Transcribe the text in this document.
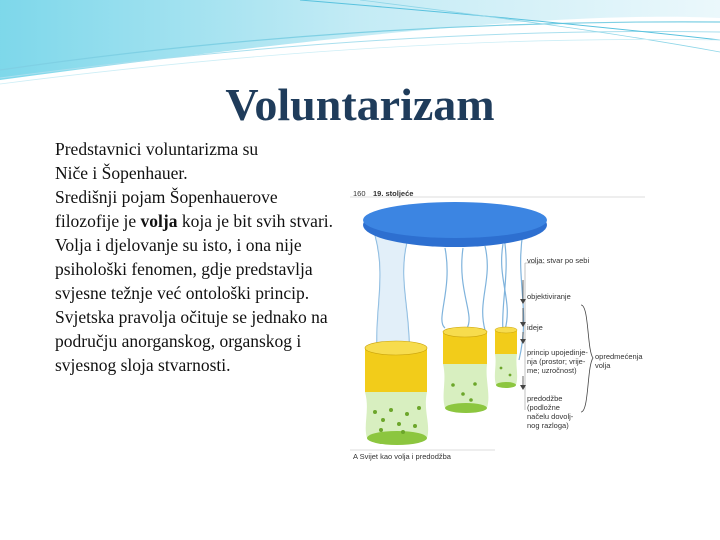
Voluntarizam

Predstavnici voluntarizma su
Niče i Šopenhauer.

Središnji pojam Šopenhauerove filozofije je volja koja je bit svih stvari.

Volja i djelovanje su isto, i ona nije psihološki fenomen, gdje predstavlja svjesne težnje već ontološki princip. Svjetska pravolja očituje se jednako na području anorganskog, organskog i svjesnog sloja stvarnosti.

160 19. stoljeće
volja: stvar po sebi
objektiviranje
ideje
princip upojedinje-
nja (prostor; vrije-
me; uzročnost)
predodžbe
(podložne
načelu dovolj-
nog razloga)
opredmećenja
volja
A Svijet kao volja i predodžba
